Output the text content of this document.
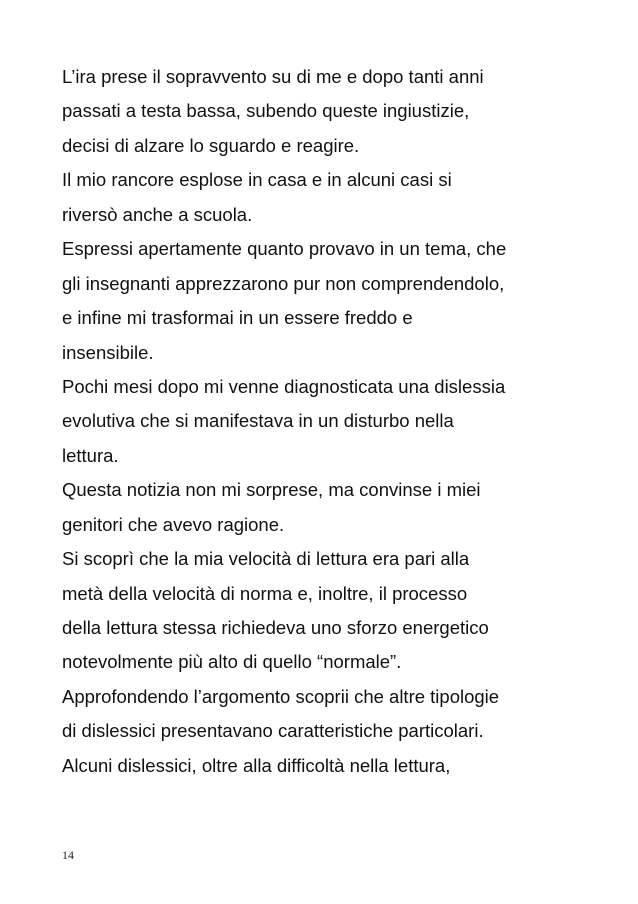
L’ira prese il sopravvento su di me e dopo tanti anni
passati a testa bassa, subendo queste ingiustizie,
decisi di alzare lo sguardo e reagire.
Il mio rancore esplose in casa e in alcuni casi si
riversò anche a scuola.
Espressi apertamente quanto provavo in un tema, che
gli insegnanti apprezzarono pur non comprendendolo,
e infine mi trasformai in un essere freddo e
insensibile.
Pochi mesi dopo mi venne diagnosticata una dislessia
evolutiva che si manifestava in un disturbo nella
lettura.
Questa notizia non mi sorprese, ma convinse i miei
genitori che avevo ragione.
Si scoprì che la mia velocità di lettura era pari alla
metà della velocità di norma e, inoltre, il processo
della lettura stessa richiedeva uno sforzo energetico
notevolmente più alto di quello “normale”.
Approfondendo l’argomento scoprii che altre tipologie
di dislessici presentavano caratteristiche particolari.
Alcuni dislessici, oltre alla difficoltà nella lettura,
14
